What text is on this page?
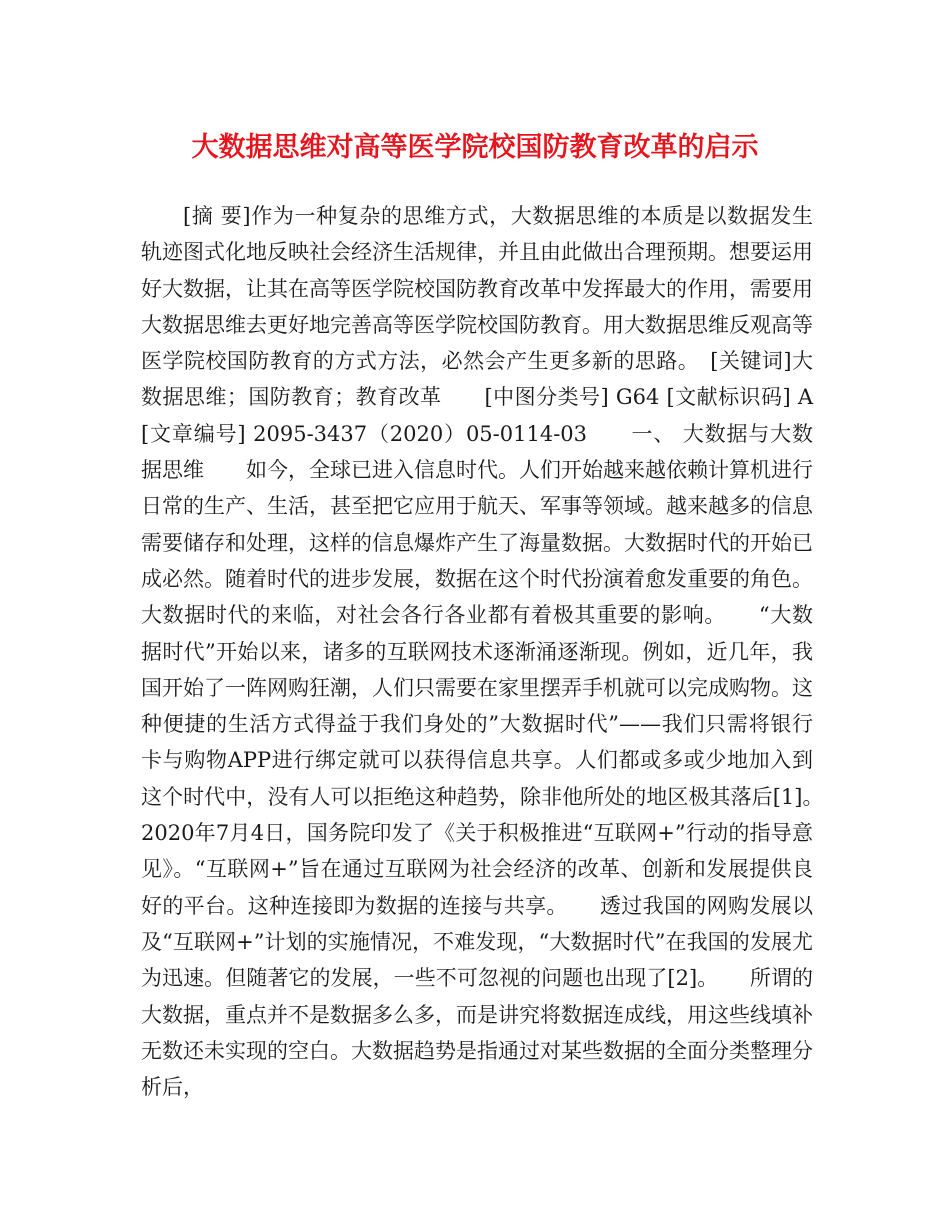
大数据思维对高等医学院校国防教育改革的启示

[摘 要]作为一种复杂的思维方式，大数据思维的本质是以数据发生轨迹图式化地反映社会经济生活规律，并且由此做出合理预期。想要运用好大数据，让其在高等医学院校国防教育改革中发挥最大的作用，需要用大数据思维去更好地完善高等医学院校国防教育。用大数据思维反观高等医学院校国防教育的方式方法，必然会产生更多新的思路。　[关键词]大数据思维；国防教育；教育改革　　[中图分类号] G64 [文献标识码] A [文章编号] 2095-3437（2020）05-0114-03　　一、 大数据与大数据思维　　如今，全球已进入信息时代。人们开始越来越依赖计算机进行日常的生产、生活，甚至把它应用于航天、军事等领域。越来越多的信息需要储存和处理，这样的信息爆炸产生了海量数据。大数据时代的开始已成必然。随着时代的进步发展，数据在这个时代扮演着愈发重要的角色。大数据时代的来临，对社会各行各业都有着极其重要的影响。　　“大数据时代”开始以来，诸多的互联网技术逐渐涌逐渐现。例如，近几年，我国开始了一阵网购狂潮，人们只需要在家里摆弄手机就可以完成购物。这种便捷的生活方式得益于我们身处的”大数据时代”——我们只需将银行卡与购物APP进行绑定就可以获得信息共享。人们都或多或少地加入到这个时代中，没有人可以拒绝这种趋势，除非他所处的地区极其落后[1]。　　2020年7月4日，国务院印发了《关于积极推进“互联网+”行动的指导意见》。“互联网+”旨在通过互联网为社会经济的改革、创新和发展提供良好的平台。这种连接即为数据的连接与共享。　　透过我国的网购发展以及“互联网+”计划的实施情况，不难发现，“大数据时代”在我国的发展尤为迅速。但随著它的发展，一些不可忽视的问题也出现了[2]。　　所谓的大数据，重点并不是数据多么多，而是讲究将数据连成线，用这些线填补无数还未实现的空白。大数据趋势是指通过对某些数据的全面分类整理分析后，
